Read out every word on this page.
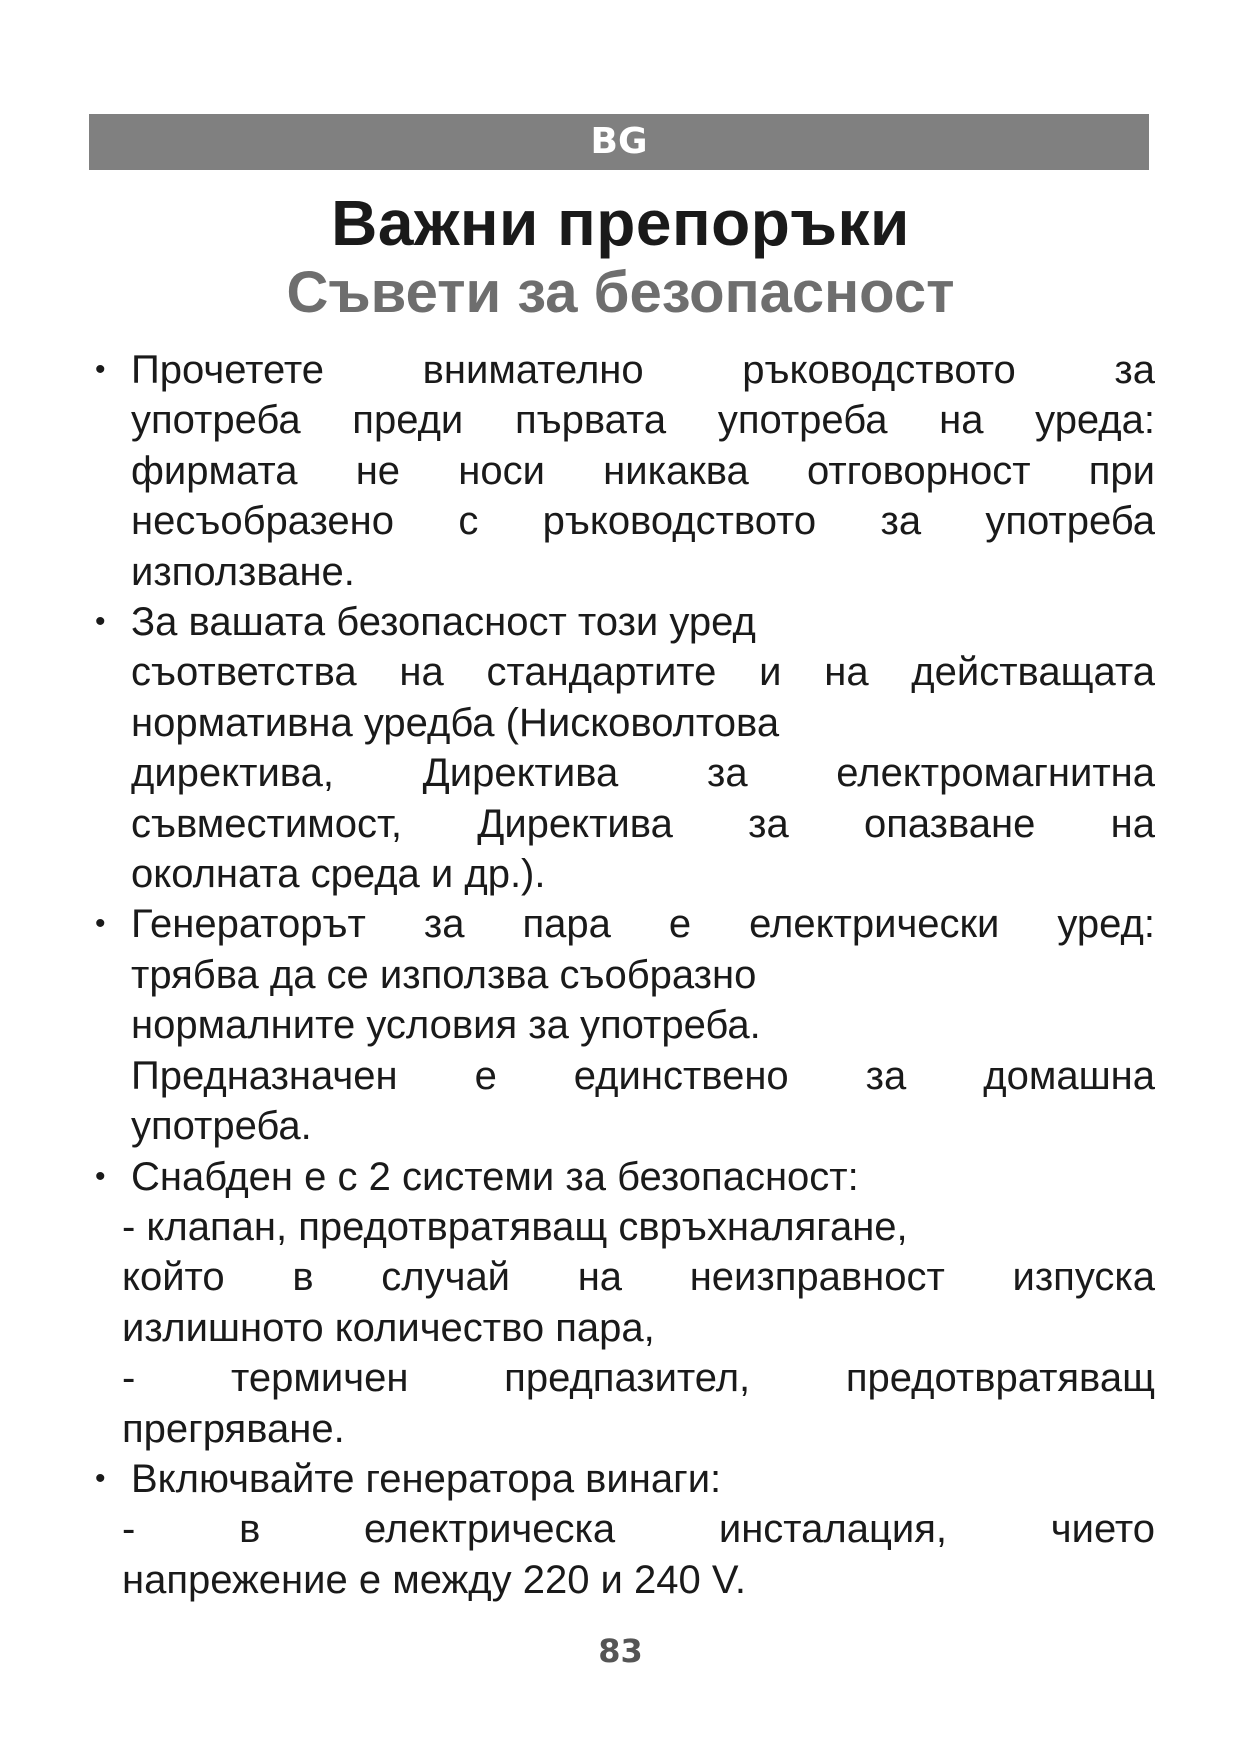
BG
Важни препоръки
Съвети за безопасност
• Прочетете внимателно ръководството за
употреба преди първата употреба на уреда:
фирмата не носи никаква отговорност при
несъобразено с ръководството за употреба
използване.
• За вашата безопасност този уред
съответства на стандартите и на действащата
нормативна уредба (Нисковолтова
директива, Директива за електромагнитна
съвместимост, Директива за опазване на
околната среда и др.).
• Генераторът за пара е електрически уред:
трябва да се използва съобразно
нормалните условия за употреба.
Предназначен е единствено за домашна
употреба.
• Снабден е с 2 системи за безопасност:
- клапан, предотвратяващ свръхналягане,
който в случай на неизправност изпуска
излишното количество пара,
- термичен предпазител, предотвратяващ
прегряване.
• Включвайте генератора винаги:
- в електрическа инсталация, чието
напрежение е между 220 и 240 V.
83
